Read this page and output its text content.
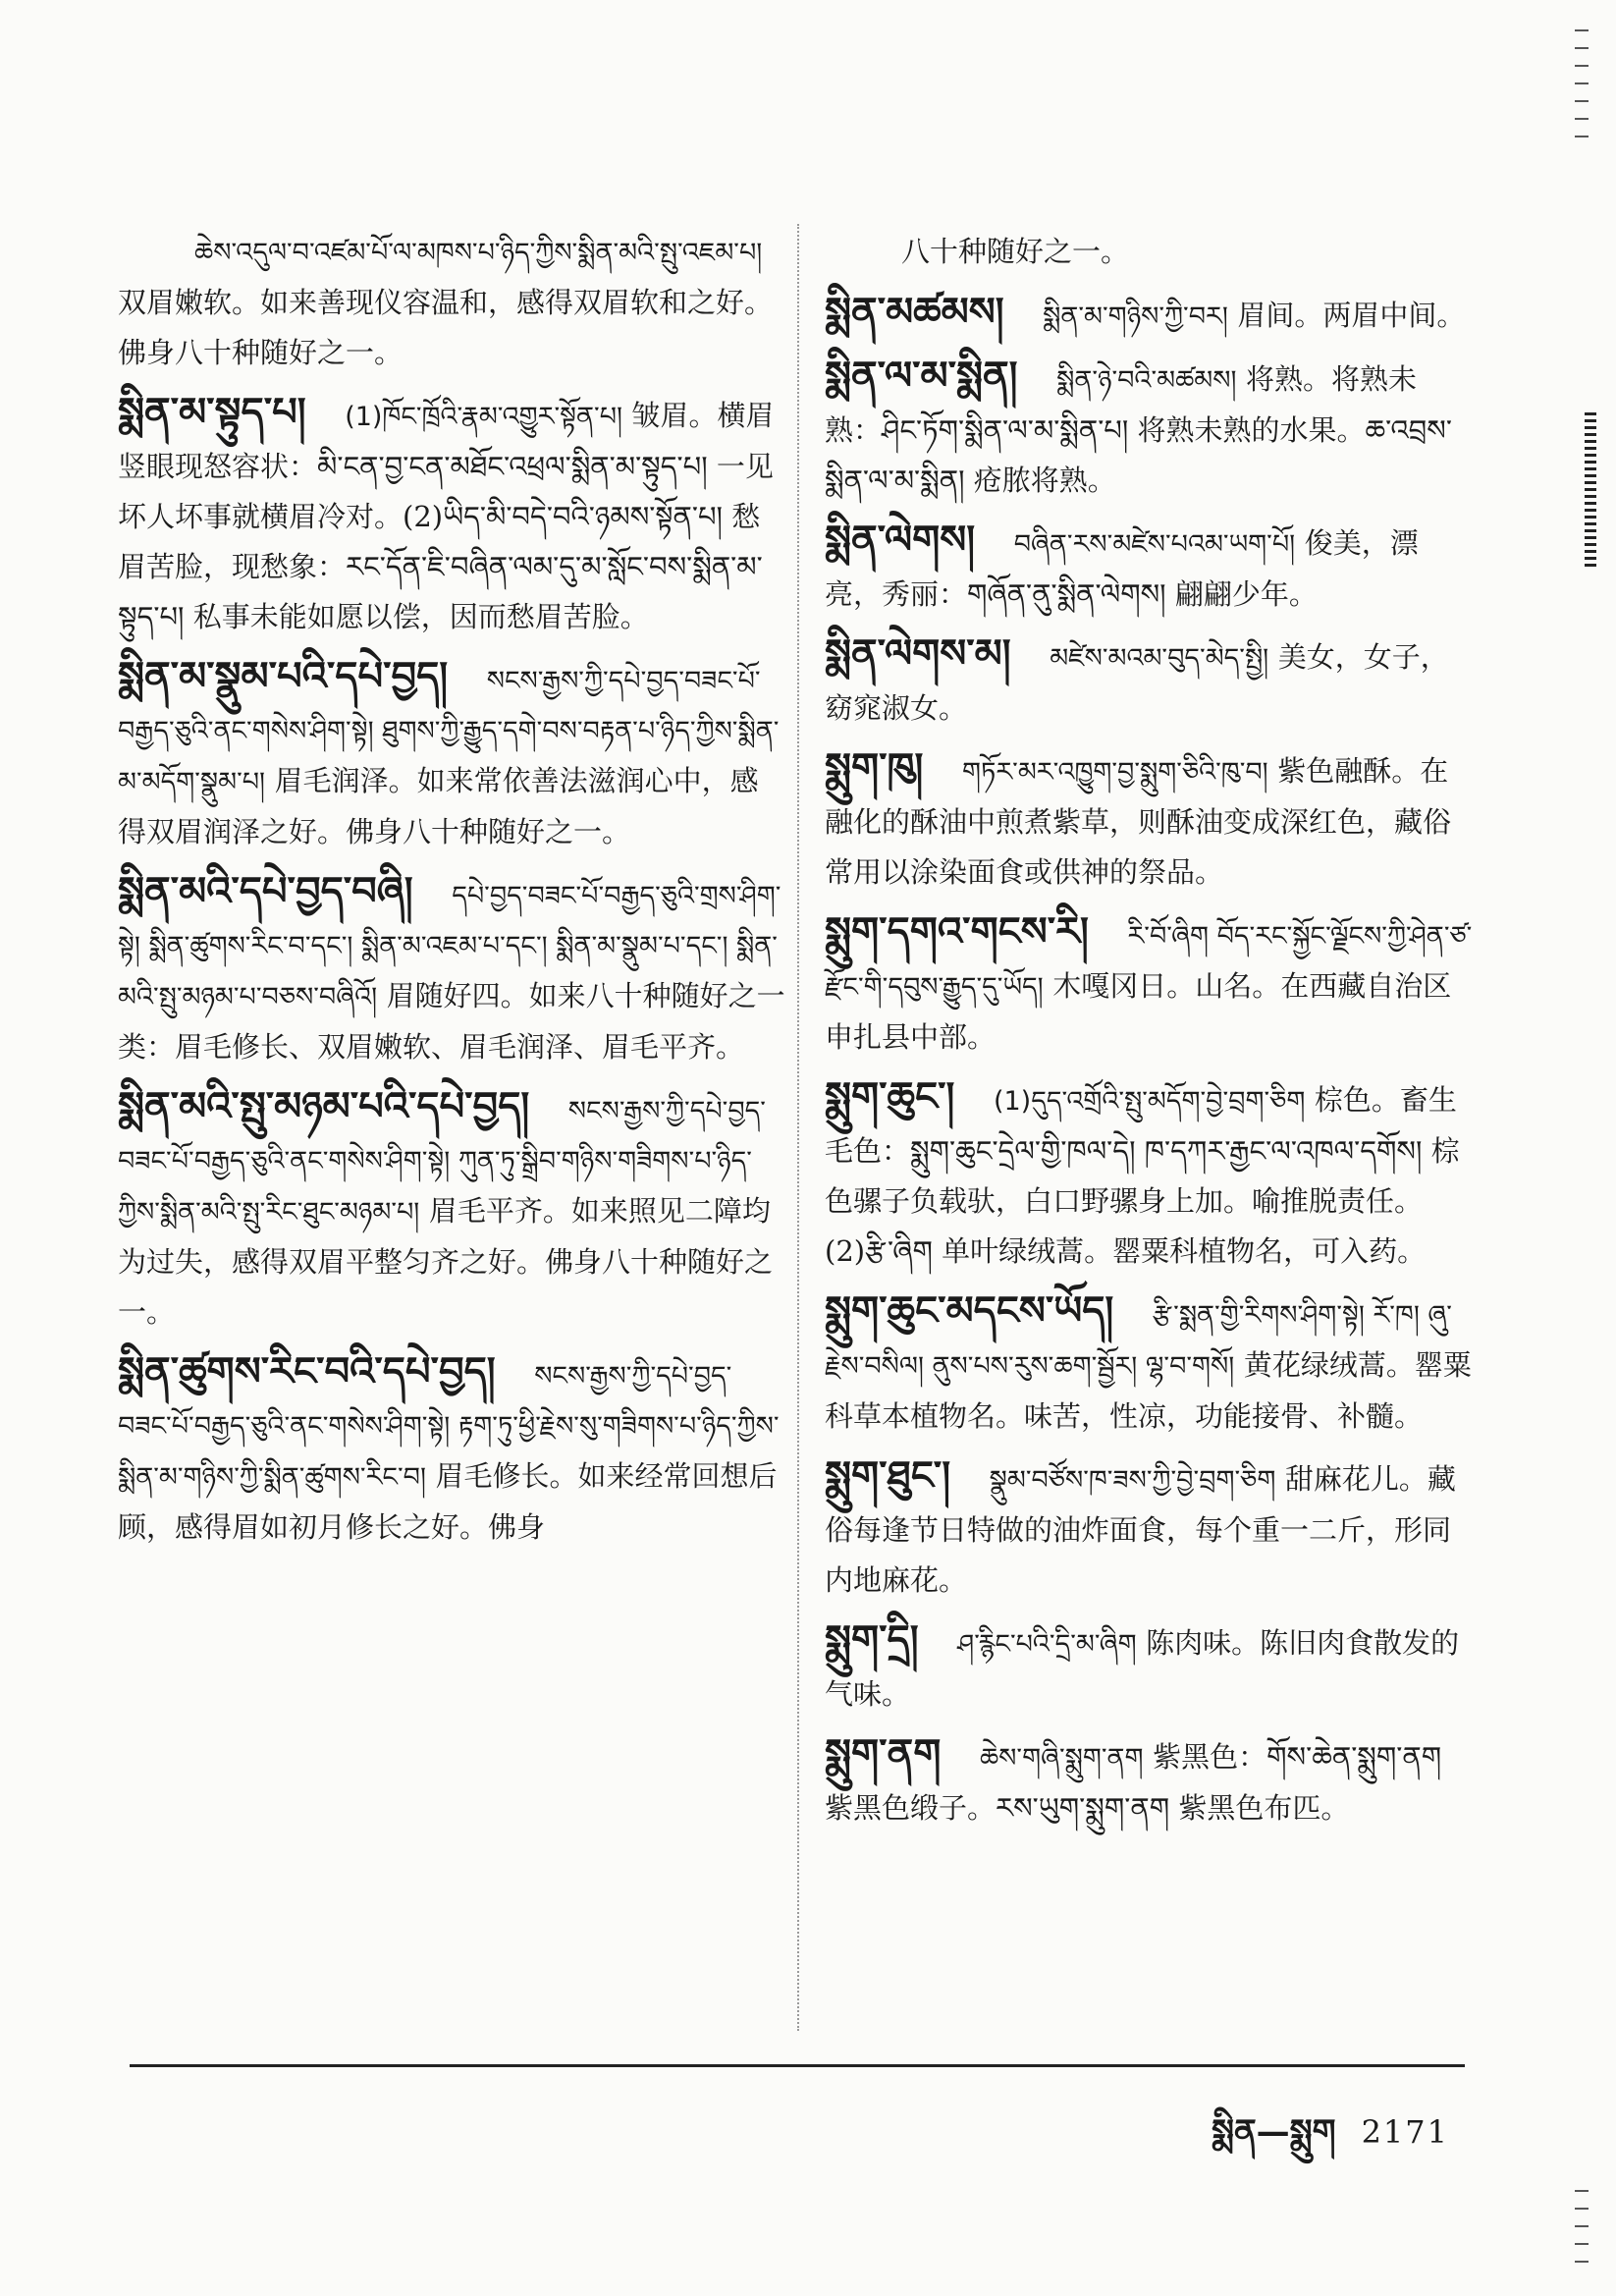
ཆེས་འདུལ་བ་འཛམ་པོ་ལ་མཁས་པ་ཉིད་ཀྱིས་སྨིན་མའི་སྤུ་འཇམ་པ། 双眉嫩软。如来善现仪容温和，感得双眉软和之好。佛身八十种随好之一。
སྨིན་མ་སྟུད་པ། (1)ཁོང་ཁྲོའི་རྣམ་འགྱུར་སྟོན་པ། 皱眉。横眉竖眼现怒容状：མི་ངན་བྱ་ངན་མཐོང་འཕྲལ་སྨིན་མ་སྟུད་པ། 一见坏人坏事就横眉冷对。(2)ཡིད་མི་བདེ་བའི་ཉམས་སྟོན་པ། 愁眉苦脸，现愁象：རང་དོན་ཇི་བཞིན་ལམ་དུ་མ་སློང་བས་སྨིན་མ་སྟུད་པ། 私事未能如愿以偿，因而愁眉苦脸。
སྨིན་མ་སྣུམ་པའི་དཔེ་བྱད། སངས་རྒྱས་ཀྱི་དཔེ་བྱད་བཟང་པོ་བརྒྱད་ཅུའི་ནང་གསེས་ཤིག་སྟེ། ཐུགས་ཀྱི་རྒྱུད་དགེ་བས་བརྟན་པ་ཉིད་ཀྱིས་སྨིན་མ་མདོག་སྣུམ་པ། 眉毛润泽。如来常依善法滋润心中，感得双眉润泽之好。佛身八十种随好之一。
སྨིན་མའི་དཔེ་བྱད་བཞི། དཔེ་བྱད་བཟང་པོ་བརྒྱད་ཅུའི་གྲས་ཤིག་སྟེ། སྨིན་ཚུགས་རིང་བ་དང་། སྨིན་མ་འཇམ་པ་དང་། སྨིན་མ་སྣུམ་པ་དང་། སྨིན་མའི་སྤུ་མཉམ་པ་བཅས་བཞིའོ། 眉随好四。如来八十种随好之一类：眉毛修长、双眉嫩软、眉毛润泽、眉毛平齐。
སྨིན་མའི་སྤུ་མཉམ་པའི་དཔེ་བྱད། སངས་རྒྱས་ཀྱི་དཔེ་བྱད་བཟང་པོ་བརྒྱད་ཅུའི་ནང་གསེས་ཤིག་སྟེ། ཀུན་ཏུ་སྒྲིབ་གཉིས་གཟིགས་པ་ཉིད་ཀྱིས་སྨིན་མའི་སྤུ་རིང་ཐུང་མཉམ་པ། 眉毛平齐。如来照见二障均为过失，感得双眉平整匀齐之好。佛身八十种随好之一。
སྨིན་ཚུགས་རིང་བའི་དཔེ་བྱད། སངས་རྒྱས་ཀྱི་དཔེ་བྱད་བཟང་པོ་བརྒྱད་ཅུའི་ནང་གསེས་ཤིག་སྟེ། རྟག་ཏུ་ཕྱི་རྗེས་སུ་གཟིགས་པ་ཉིད་ཀྱིས་སྨིན་མ་གཉིས་ཀྱི་སྨིན་ཚུགས་རིང་བ། 眉毛修长。如来经常回想后顾，感得眉如初月修长之好。佛身
八十种随好之一。
སྨིན་མཚམས། སྨིན་མ་གཉིས་ཀྱི་བར། 眉间。两眉中间。
སྨིན་ལ་མ་སྨིན། སྨིན་ཉེ་བའི་མཚམས། 将熟。将熟未熟：ཤིང་ཏོག་སྨིན་ལ་མ་སྨིན་པ། 将熟未熟的水果。ཆ་འབྲས་སྨིན་ལ་མ་སྨིན། 疮脓将熟。
སྨིན་ལེགས། བཞིན་རས་མཛེས་པའམ་ཡག་པོ། 俊美，漂亮，秀丽：གཞོན་ནུ་སྨིན་ལེགས། 翩翩少年。
སྨིན་ལེགས་མ། མཛེས་མའམ་བུད་མེད་སྤྱི། 美女，女子，窈窕淑女。
སྨུག་ཁུ། གཏོར་མར་འཁྱུག་བྱ་སྨུག་ཅིའི་ཁུ་བ། 紫色融酥。在融化的酥油中煎煮紫草，则酥油变成深红色，藏俗常用以涂染面食或供神的祭品。
སྨུག་དགའ་གངས་རི། རི་བོ་ཞིག བོད་རང་སྐྱོང་ལྗོངས་ཀྱི་ཤེན་ཙ་རྫོང་གི་དབུས་རྒྱུད་དུ་ཡོད། 木嘎冈日。山名。在西藏自治区申扎县中部。
སྨུག་ཆུང་། (1)དུད་འགྲོའི་སྤུ་མདོག་བྱེ་བྲག་ཅིག 棕色。畜生毛色：སྨུག་ཆུང་དྲེལ་གྱི་ཁལ་དེ། ཁ་དཀར་རྒྱང་ལ་འཁལ་དགོས། 棕色骡子负载驮，白口野骡身上加。喻推脱责任。(2)རྩི་ཞིག 单叶绿绒蒿。罂粟科植物名，可入药。
སྨུག་ཆུང་མདངས་ཡོད། རྩི་སྨན་གྱི་རིགས་ཤིག་སྟེ། རོ་ཁ། ཞུ་རྗེས་བསིལ། ནུས་པས་རུས་ཆག་སྦྱོར། ལྷ་བ་གསོ། 黄花绿绒蒿。罂粟科草本植物名。味苦，性凉，功能接骨、补髓。
སྨུག་ཐུང་། སྣུམ་བཙོས་ཁ་ཟས་ཀྱི་བྱེ་བྲག་ཅིག 甜麻花儿。藏俗每逢节日特做的油炸面食，每个重一二斤，形同内地麻花。
སྨུག་དྲི། ཤ་རྙིང་པའི་དྲི་མ་ཞིག 陈肉味。陈旧肉食散发的气味。
སྨུག་ནག ཆེས་གཞི་སྨུག་ནག 紫黑色：གོས་ཆེན་སྨུག་ནག 紫黑色缎子。རས་ཡུག་སྨུག་ནག 紫黑色布匹。
སྨིན—སྨུག 2171
